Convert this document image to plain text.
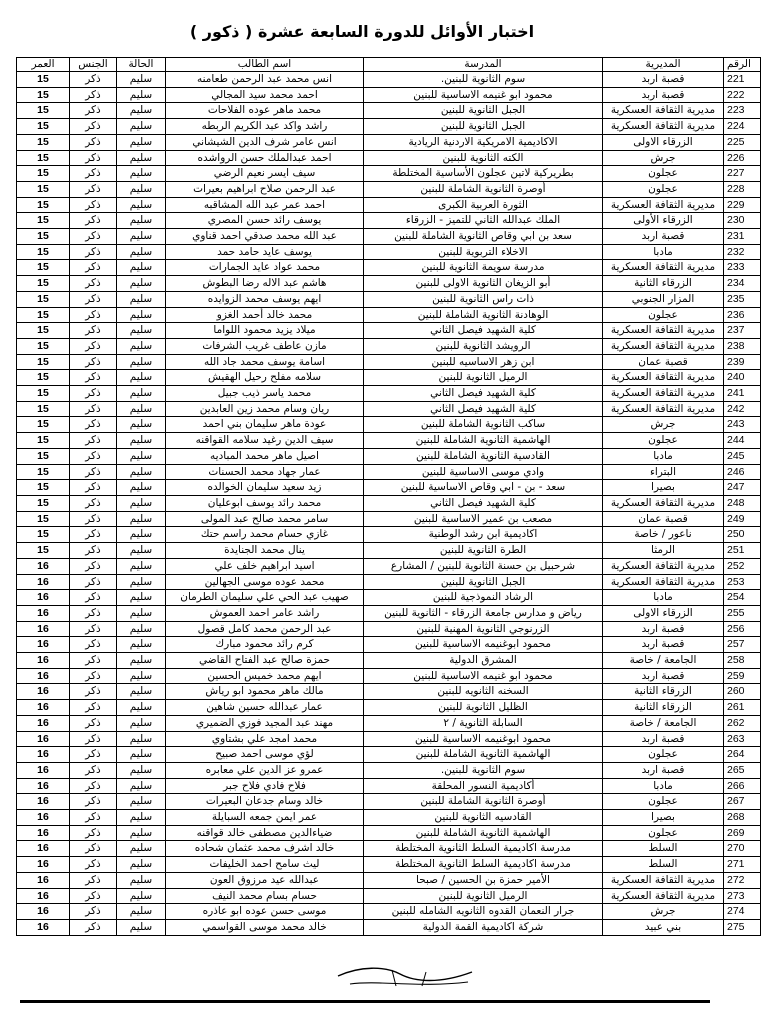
اختبار الأوائل للدورة السابعة عشرة ( ذكور )
الرقم	المديرية	المدرسة	اسم الطالب	الحالة	الجنس	العمر
221	قصبة اربد	سوم الثانوية للبنين.	انس محمد عبد الرحمن طعامنه	سليم	ذكر	15
222	قصبة اربد	محمود ابو غنيمه الاساسية للبنين	احمد محمد سيد المجالي	سليم	ذكر	15
223	مديرية الثقافة العسكرية	الجبل الثانوية للبنين	محمد ماهر عوده الفلاحات	سليم	ذكر	15
224	مديرية الثقافة العسكرية	الجبل الثانوية للبنين	راشد واكد عبد الكريم الربطه	سليم	ذكر	15
225	الزرقاء الاولى	الاكاديمية الامريكية الاردنية الريادية	انس عامر شرف الدين الشيشاني	سليم	ذكر	15
226	جرش	الكته الثانوية للبنين	احمد عبدالملك حسن الرواشده	سليم	ذكر	15
227	عجلون	بطريركية لاتين عجلون الأساسية المختلطة	سيف ايسر نعيم الرضي	سليم	ذكر	15
228	عجلون	أوصرة الثانوية الشاملة للبنين	عبد الرحمن صلاح ابراهيم بعيرات	سليم	ذكر	15
229	مديرية الثقافة العسكرية	الثورة العربية الكبرى	احمد عمر عبد الله المشاقبه	سليم	ذكر	15
230	الزرقاء الأولى	الملك عبدالله الثاني للتميز - الزرقاء	يوسف رائد حسن المصري	سليم	ذكر	15
231	قصبة اربد	سعد بن ابي وقاص الثانوية الشاملة للبنين	عبد الله محمد صدقي احمد قناوي	سليم	ذكر	15
232	مادبا	الاخلاء التربوية للبنين	يوسف عايد حامد حمد	سليم	ذكر	15
233	مديرية الثقافة العسكرية	مدرسة سويمة الثانوية للبنين	محمد عواد عايد الجمارات	سليم	ذكر	15
234	الزرقاء الثانية	أبو الزيغان الثانوية الاولى للبنين	هاشم عبد الاله رضا البطوش	سليم	ذكر	15
235	المزار الجنوبي	ذات راس الثانوية للبنين	ايهم يوسف محمد الزوايده	سليم	ذكر	15
236	عجلون	الوهادنة الثانوية الشاملة للبنين	محمد خالد أحمد الغزو	سليم	ذكر	15
237	مديرية الثقافة العسكرية	كلية الشهيد فيصل الثاني	ميلاد يزيد محمود اللواما	سليم	ذكر	15
238	مديرية الثقافة العسكرية	الرويشد الثانوية للبنين	مازن عاطف غريب الشرفات	سليم	ذكر	15
239	قصبة عمان	ابن زهر الاساسيه للبنين	اسامة يوسف محمد جاد الله	سليم	ذكر	15
240	مديرية الثقافة العسكرية	الرميل الثانوية للبنين	سلامه مفلح رحيل الهقيش	سليم	ذكر	15
241	مديرية الثقافة العسكرية	كلية الشهيد فيصل الثاني	محمد ياسر ذيب جبيل	سليم	ذكر	15
242	مديرية الثقافة العسكرية	كلية الشهيد فيصل الثاني	ريان وسام محمد زين العابدين	سليم	ذكر	15
243	جرش	ساكب الثانوية الشاملة للبنين	عودة ماهر سليمان بني احمد	سليم	ذكر	15
244	عجلون	الهاشمية الثانوية الشاملة للبنين	سيف الدين رغيد سلامه القواقنه	سليم	ذكر	15
245	مادبا	القادسية الثانوية الشاملة للبنين	اصيل ماهر محمد المباديه	سليم	ذكر	15
246	البتراء	وادي موسى الاساسية للبنين	عمار جهاد محمد الحسنات	سليم	ذكر	15
247	بصيرا	سعد - بن - ابي وقاص الاساسية للبنين	زيد سعيد سليمان الخوالده	سليم	ذكر	15
248	مديرية الثقافة العسكرية	كلية الشهيد فيصل الثاني	محمد رائد يوسف ابوعليان	سليم	ذكر	15
249	قصبة عمان	مصعب بن عمير الاساسية للبنين	سامر محمد صالح عبد المولى	سليم	ذكر	15
250	ناعور / خاصة	اكاديمية ابن رشد الوطنية	غازي حسام محمد راسم حتك	سليم	ذكر	15
251	الرمثا	الطرة الثانوية للبنين	ينال محمد الجنايدة	سليم	ذكر	15
252	مديرية الثقافة العسكرية	شرحبيل بن حسنة الثانوية للبنين / المشارع	اسيد ابراهيم خلف علي	سليم	ذكر	16
253	مديرية الثقافة العسكرية	الجبل الثانوية للبنين	محمد عوده موسى الجهالين	سليم	ذكر	16
254	مادبا	الرشاد النموذجية للبنين	صهيب عبد الحي علي سليمان الطرمان	سليم	ذكر	16
255	الزرقاء الاولى	رياض و مدارس جامعة الزرقاء - الثانوية للبنين	راشد عامر احمد العموش	سليم	ذكر	16
256	قصبة اربد	الزرنوجي الثانوية المهنية للبنين	عبد الرحمن محمد كامل قصول	سليم	ذكر	16
257	قصبة اربد	محمود ابوغنيمه الاساسية للبنين	كرم رائد محمود مبارك	سليم	ذكر	16
258	الجامعة / خاصة	المشرق الدولية	حمزة صالح عبد الفتاح القاضي	سليم	ذكر	16
259	قصبة اربد	محمود ابو غنيمه الاساسية للبنين	ايهم محمد خميس الحسين	سليم	ذكر	16
260	الزرقاء الثانية	السخنه الثانويه للبنين	مالك ماهر محمود ابو رياش	سليم	ذكر	16
261	الزرقاء الثانية	الظليل الثانوية للبنين	عمار عبدالله حسين شاهين	سليم	ذكر	16
262	الجامعة / خاصة	السابلة الثانوية / ٢	مهند عبد المجيد فوزي الضميري	سليم	ذكر	16
263	قصبة اربد	محمود ابوغنيمه الاساسية للبنين	محمد امجد علي بشتاوي	سليم	ذكر	16
264	عجلون	الهاشمية الثانوية الشاملة للبنين	لؤي موسى احمد صبيح	سليم	ذكر	16
265	قصبة اربد	سوم الثانوية للبنين.	عمرو عز الدين علي معابره	سليم	ذكر	16
266	مادبا	أكاديمية النسور المحلقة	فلاح فادي فلاح جبر	سليم	ذكر	16
267	عجلون	أوصرة الثانوية الشاملة للبنين	خالد وسام جدعان البعيرات	سليم	ذكر	16
268	بصيرا	القادسيه الثانوية للبنين	عمر ايمن جمعه السبايلة	سليم	ذكر	16
269	عجلون	الهاشمية الثانوية الشاملة للبنين	ضياءالدين مصطفى خالد قواقنه	سليم	ذكر	16
270	السلط	مدرسة اكاديمية السلط الثانوية المختلطة	خالد اشرف محمد عثمان شحاده	سليم	ذكر	16
271	السلط	مدرسة اكاديمية السلط الثانوية المختلطة	ليث سامح احمد الخليفات	سليم	ذكر	16
272	مديرية الثقافة العسكرية	الأمير حمزة بن الحسين / صبحا	عبدالله عيد مرزوق العون	سليم	ذكر	16
273	مديرية الثقافة العسكرية	الرميل الثانوية للبنين	حسام بسام محمد النيف	سليم	ذكر	16
274	جرش	جرار النعمان القدوه الثانويه الشامله للبنين	موسى حسن عوده ابو عاذره	سليم	ذكر	16
275	بني عبيد	شركة اكاديمية القمة الدولية	خالد محمد موسى القواسمي	سليم	ذكر	16
